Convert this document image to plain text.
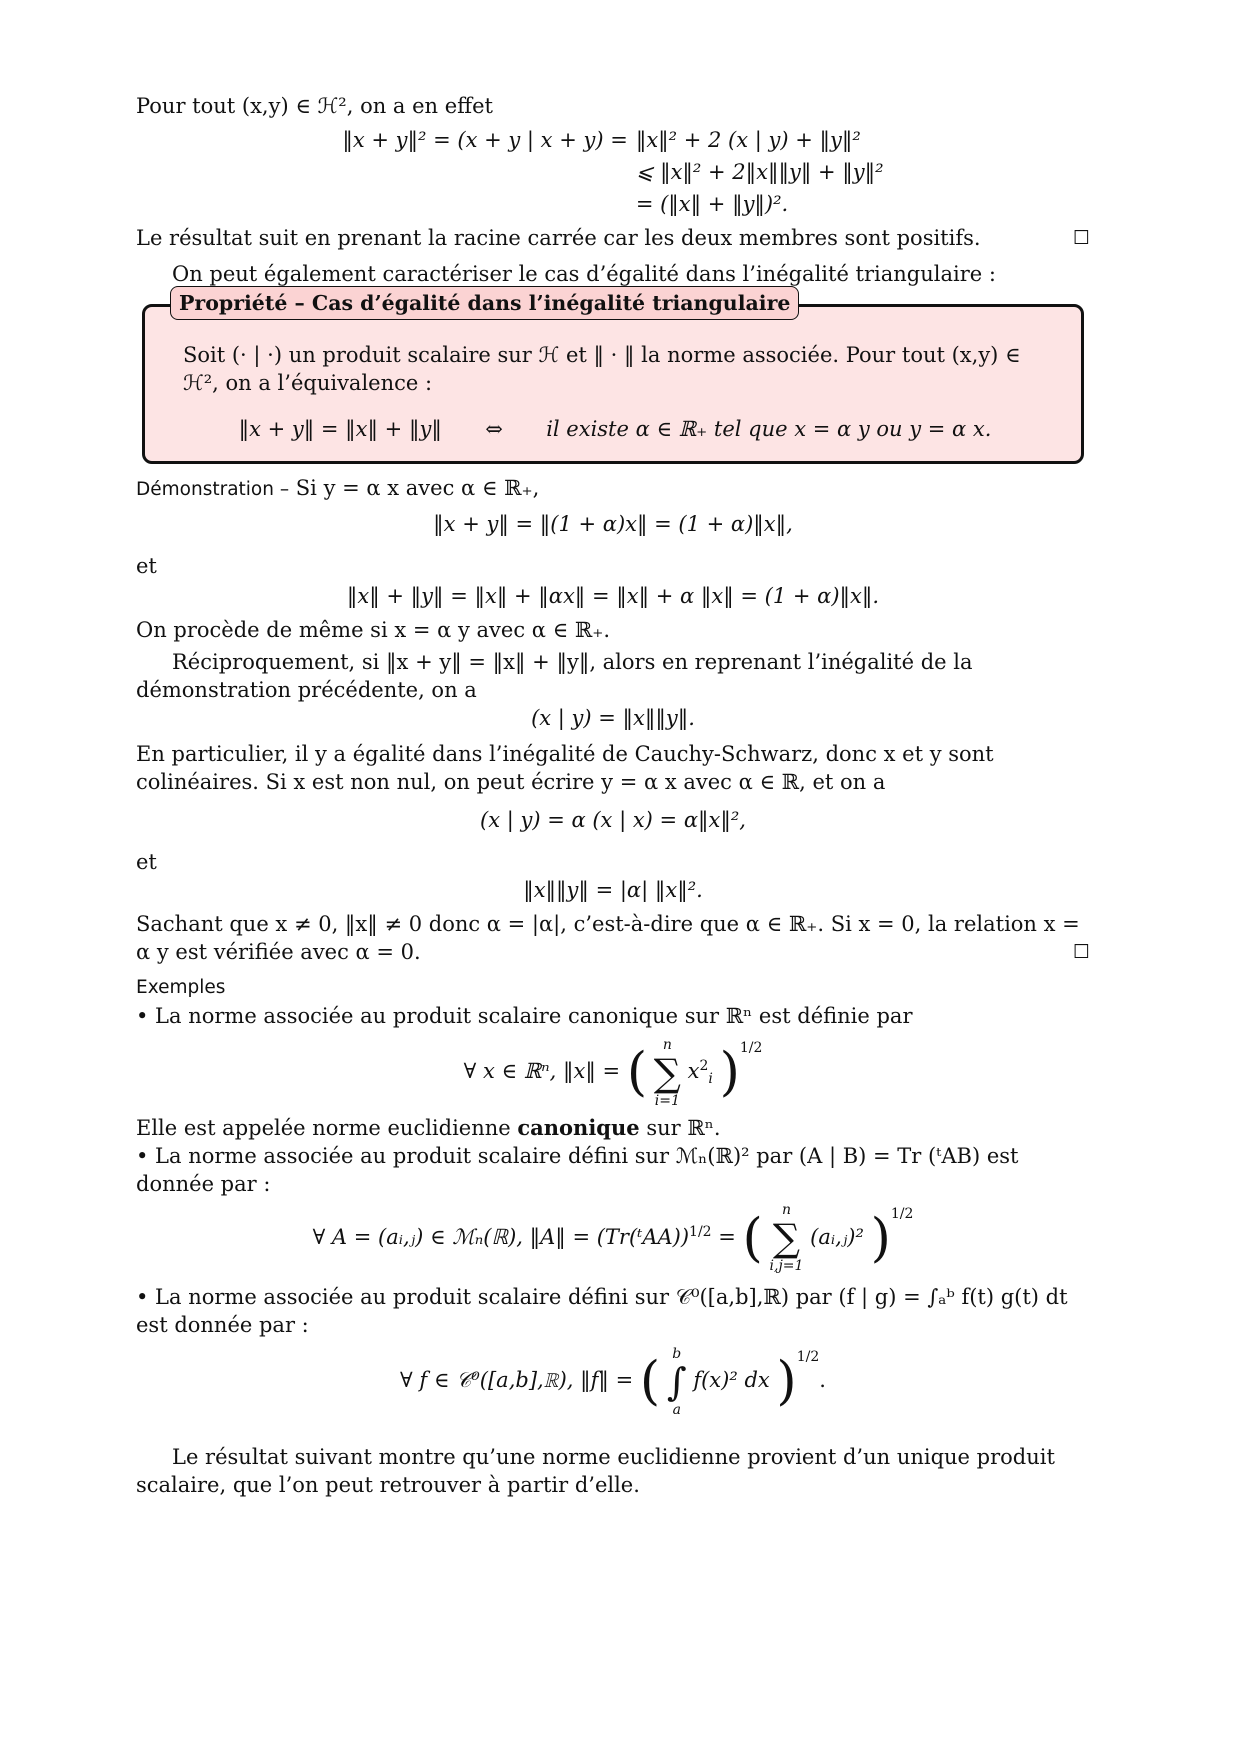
Pour tout (x,y) ∈ ℋ², on a en effet

‖x + y‖² = (x + y | x + y) = ‖x‖² + 2 (x | y) + ‖y‖²
⩽ ‖x‖² + 2‖x‖‖y‖ + ‖y‖²
= (‖x‖ + ‖y‖)².

Le résultat suit en prenant la racine carrée car les deux membres sont positifs.	☐

On peut également caractériser le cas d’égalité dans l’inégalité triangulaire :

Propriété – Cas d’égalité dans l’inégalité triangulaire

Soit (· | ·) un produit scalaire sur ℋ et ‖ · ‖ la norme associée. Pour tout (x,y) ∈ ℋ², on a l’équivalence :

‖x + y‖ = ‖x‖ + ‖y‖ ⇔ il existe α ∈ ℝ₊ tel que x = α y ou y = α x.

Démonstration – Si y = α x avec α ∈ ℝ₊,

‖x + y‖ = ‖(1 + α)x‖ = (1 + α)‖x‖,

et

‖x‖ + ‖y‖ = ‖x‖ + ‖αx‖ = ‖x‖ + α ‖x‖ = (1 + α)‖x‖.

On procède de même si x = α y avec α ∈ ℝ₊.

Réciproquement, si ‖x + y‖ = ‖x‖ + ‖y‖, alors en reprenant l’inégalité de la démonstration précédente, on a

(x | y) = ‖x‖‖y‖.

En particulier, il y a égalité dans l’inégalité de Cauchy-Schwarz, donc x et y sont colinéaires. Si x est non nul, on peut écrire y = α x avec α ∈ ℝ, et on a

(x | y) = α (x | x) = α‖x‖²,

et

‖x‖‖y‖ = |α| ‖x‖².

Sachant que x ≠ 0, ‖x‖ ≠ 0 donc α = |α|, c’est-à-dire que α ∈ ℝ₊. Si x = 0, la relation x = α y est vérifiée avec α = 0.	☐

Exemples

• La norme associée au produit scalaire canonique sur ℝⁿ est définie par

∀ x ∈ ℝⁿ, ‖x‖ = ( n
∑
i=1
$x^2_i$ )$^{1/2}$

Elle est appelée norme euclidienne canonique sur ℝⁿ.

• La norme associée au produit scalaire défini sur ℳₙ(ℝ)² par (A | B) = Tr (ᵗAB) est donnée par :

∀ A = (aᵢ,ⱼ) ∈ ℳₙ(ℝ), ‖A‖ = (Tr(ᵗAA))$^{1/2}$ = ( n
∑
i,j=1
(aᵢ,ⱼ)² )$^{1/2}$

• La norme associée au produit scalaire défini sur 𝒞⁰([a,b],ℝ) par (f | g) = ∫ₐᵇ f(t) g(t) dt est donnée par :

∀ f ∈ 𝒞⁰([a,b],ℝ), ‖f‖ = ( b
∫
a
f(x)² dx )$^{1/2}$.

Le résultat suivant montre qu’une norme euclidienne provient d’un unique produit scalaire, que l’on peut retrouver à partir d’elle.
